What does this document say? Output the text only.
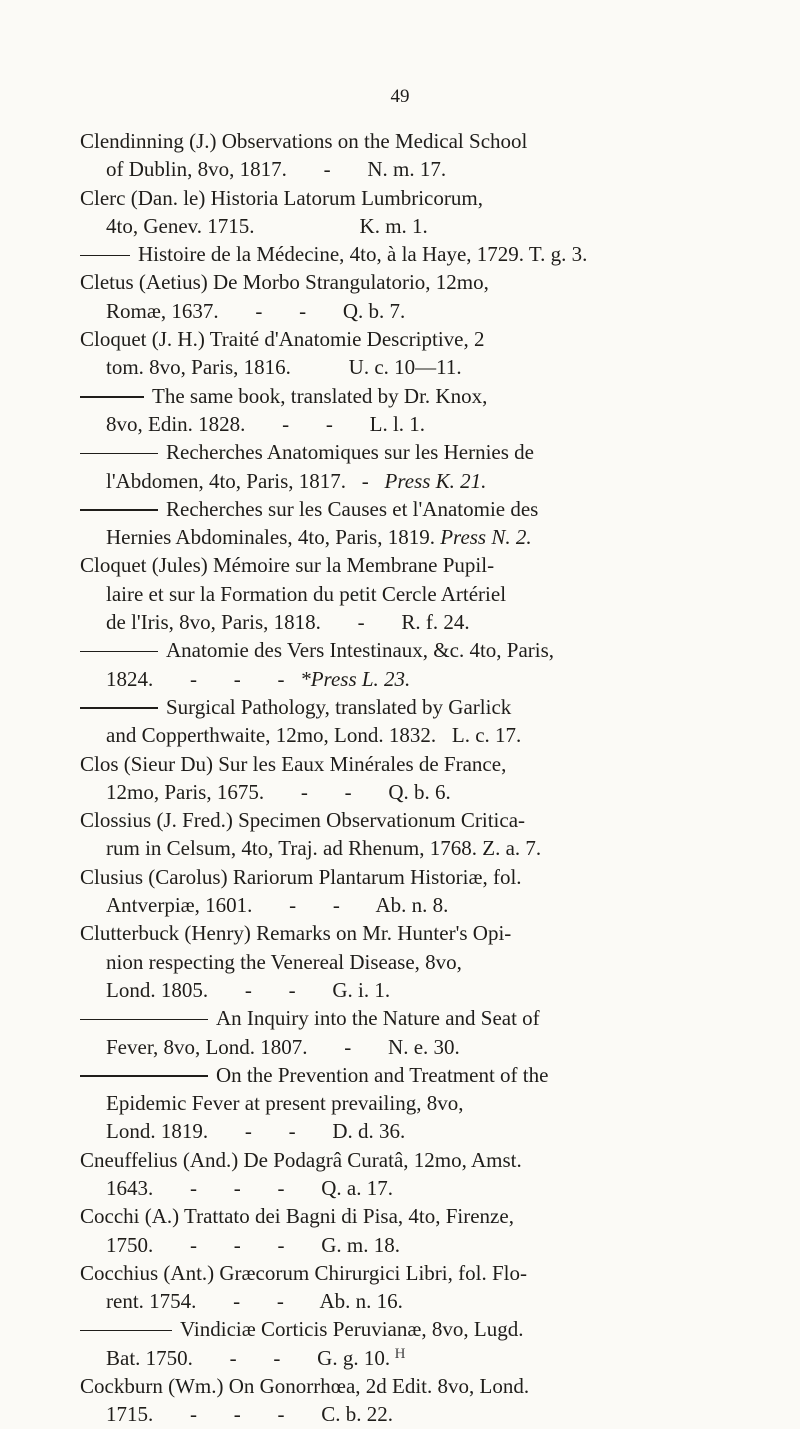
49
Clendinning (J.) Observations on the Medical School
of Dublin, 8vo, 1817.       -       N. m. 17.
Clerc (Dan. le) Historia Latorum Lumbricorum,
4to, Genev. 1715.                    K. m. 1.
Histoire de la Médecine, 4to, à la Haye, 1729. T. g. 3.
Cletus (Aetius) De Morbo Strangulatorio, 12mo,
Romæ, 1637.       -       -       Q. b. 7.
Cloquet (J. H.) Traité d'Anatomie Descriptive, 2
tom. 8vo, Paris, 1816.           U. c. 10—11.
The same book, translated by Dr. Knox,
8vo, Edin. 1828.       -       -       L. l. 1.
Recherches Anatomiques sur les Hernies de
l'Abdomen, 4to, Paris, 1817.   -   Press K. 21.
Recherches sur les Causes et l'Anatomie des
Hernies Abdominales, 4to, Paris, 1819. Press N. 2.
Cloquet (Jules) Mémoire sur la Membrane Pupil-
laire et sur la Formation du petit Cercle Artériel
de l'Iris, 8vo, Paris, 1818.       -       R. f. 24.
Anatomie des Vers Intestinaux, &c. 4to, Paris,
1824.       -       -       -   *Press L. 23.
Surgical Pathology, translated by Garlick
and Copperthwaite, 12mo, Lond. 1832.   L. c. 17.
Clos (Sieur Du) Sur les Eaux Minérales de France,
12mo, Paris, 1675.       -       -       Q. b. 6.
Clossius (J. Fred.) Specimen Observationum Critica-
rum in Celsum, 4to, Traj. ad Rhenum, 1768. Z. a. 7.
Clusius (Carolus) Rariorum Plantarum Historiæ, fol.
Antverpiæ, 1601.       -       -       Ab. n. 8.
Clutterbuck (Henry) Remarks on Mr. Hunter's Opi-
nion respecting the Venereal Disease, 8vo,
Lond. 1805.       -       -       G. i. 1.
An Inquiry into the Nature and Seat of
Fever, 8vo, Lond. 1807.       -       N. e. 30.
On the Prevention and Treatment of the
Epidemic Fever at present prevailing, 8vo,
Lond. 1819.       -       -       D. d. 36.
Cneuffelius (And.) De Podagrâ Curatâ, 12mo, Amst.
1643.       -       -       -       Q. a. 17.
Cocchi (A.) Trattato dei Bagni di Pisa, 4to, Firenze,
1750.       -       -       -       G. m. 18.
Cocchius (Ant.) Græcorum Chirurgici Libri, fol. Flo-
rent. 1754.       -       -       Ab. n. 16.
Vindiciæ Corticis Peruvianæ, 8vo, Lugd.
Bat. 1750.       -       -       G. g. 10.
Cockburn (Wm.) On Gonorrhœa, 2d Edit. 8vo, Lond.
1715.       -       -       -       C. b. 22.
H
